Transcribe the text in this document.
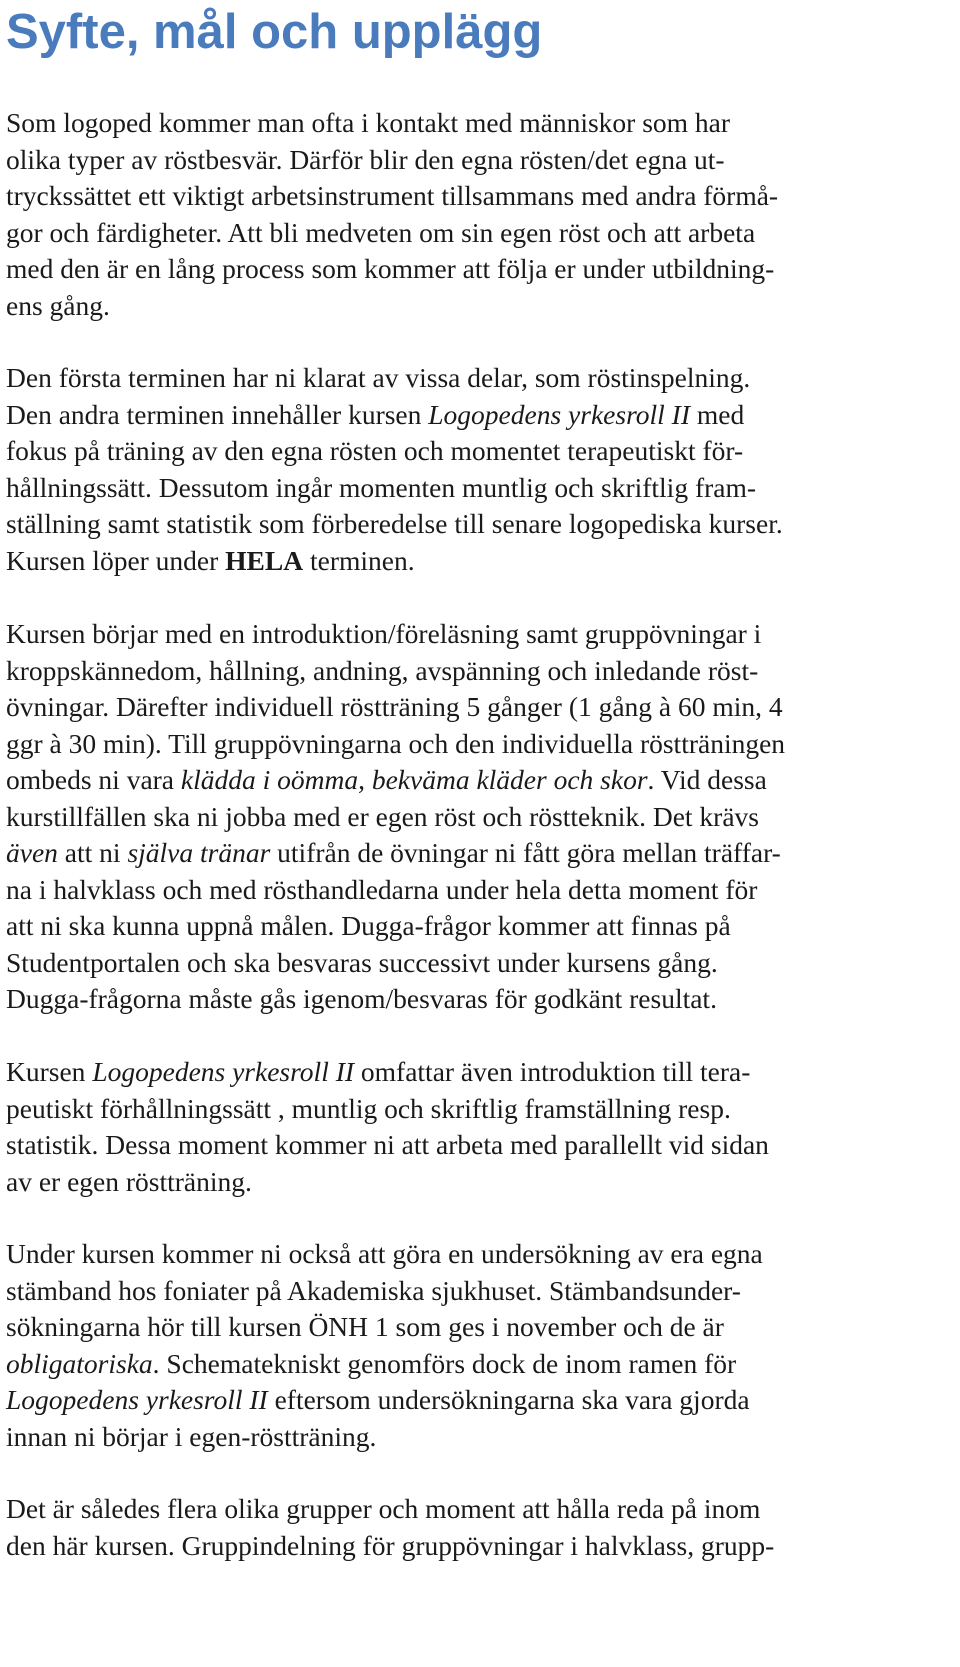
Syfte, mål och upplägg
Som logoped kommer man ofta i kontakt med människor som har
olika typer av röstbesvär. Därför blir den egna rösten/det egna ut-
tryckssättet ett viktigt arbetsinstrument tillsammans med andra förmå-
gor och färdigheter. Att bli medveten om sin egen röst och att arbeta
med den är en lång process som kommer att följa er under utbildning-
ens gång.
Den första terminen har ni klarat av vissa delar, som röstinspelning.
Den andra terminen innehåller kursen Logopedens yrkesroll II med
fokus på träning av den egna rösten och momentet terapeutiskt för-
hållningssätt. Dessutom ingår momenten muntlig och skriftlig fram-
ställning samt statistik som förberedelse till senare logopediska kurser.
Kursen löper under HELA terminen.
Kursen börjar med en introduktion/föreläsning samt gruppövningar i
kroppskännedom, hållning, andning, avspänning och inledande röst-
övningar. Därefter individuell röstträning 5 gånger (1 gång à 60 min, 4
ggr à 30 min). Till gruppövningarna och den individuella röstträningen
ombeds ni vara klädda i oömma, bekväma kläder och skor. Vid dessa
kurstillfällen ska ni jobba med er egen röst och röstteknik. Det krävs
även att ni själva tränar utifrån de övningar ni fått göra mellan träffar-
na i halvklass och med rösthandledarna under hela detta moment för
att ni ska kunna uppnå målen. Dugga-frågor kommer att finnas på
Studentportalen och ska besvaras successivt under kursens gång.
Dugga-frågorna måste gås igenom/besvaras för godkänt resultat.
Kursen Logopedens yrkesroll II omfattar även introduktion till tera-
peutiskt förhållningssätt , muntlig och skriftlig framställning resp.
statistik. Dessa moment kommer ni att arbeta med parallellt vid sidan
av er egen röstträning.
Under kursen kommer ni också att göra en undersökning av era egna
stämband hos foniater på Akademiska sjukhuset. Stämbandsunder-
sökningarna hör till kursen ÖNH 1 som ges i november och de är
obligatoriska. Schematekniskt genomförs dock de inom ramen för
Logopedens yrkesroll II eftersom undersökningarna ska vara gjorda
innan ni börjar i egen-röstträning.
Det är således flera olika grupper och moment att hålla reda på inom
den här kursen. Gruppindelning för gruppövningar i halvklass, grupp-
